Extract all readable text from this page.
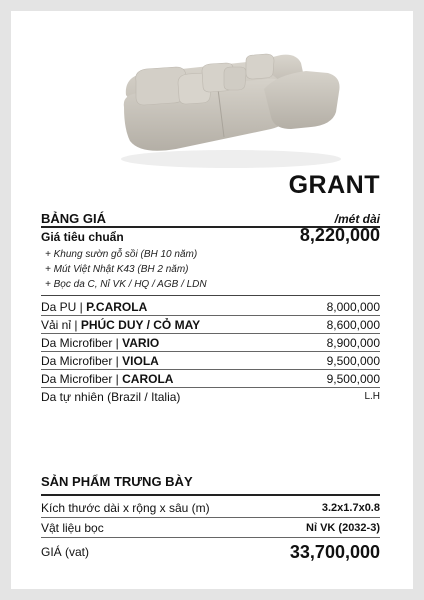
GRANT
BẢNG GIÁ	/mét dài
Giá tiêu chuẩn	8,220,000
+ Khung sườn gỗ sồi (BH 10 năm)
+ Mút Việt Nhật K43 (BH 2 năm)
+ Bọc da C, Nỉ VK / HQ / AGB / LDN
Da PU | P.CAROLA	8,000,000
Vải nỉ | PHÚC DUY / CỎ MAY	8,600,000
Da Microfiber | VARIO	8,900,000
Da Microfiber | VIOLA	9,500,000
Da Microfiber | CAROLA	9,500,000
Da tự nhiên (Brazil / Italia)	L.H
SẢN PHẨM TRƯNG BÀY
Kích thước dài x rộng x sâu (m)	3.2x1.7x0.8
Vật liệu bọc	Nỉ VK (2032-3)
GIÁ (vat)	33,700,000
